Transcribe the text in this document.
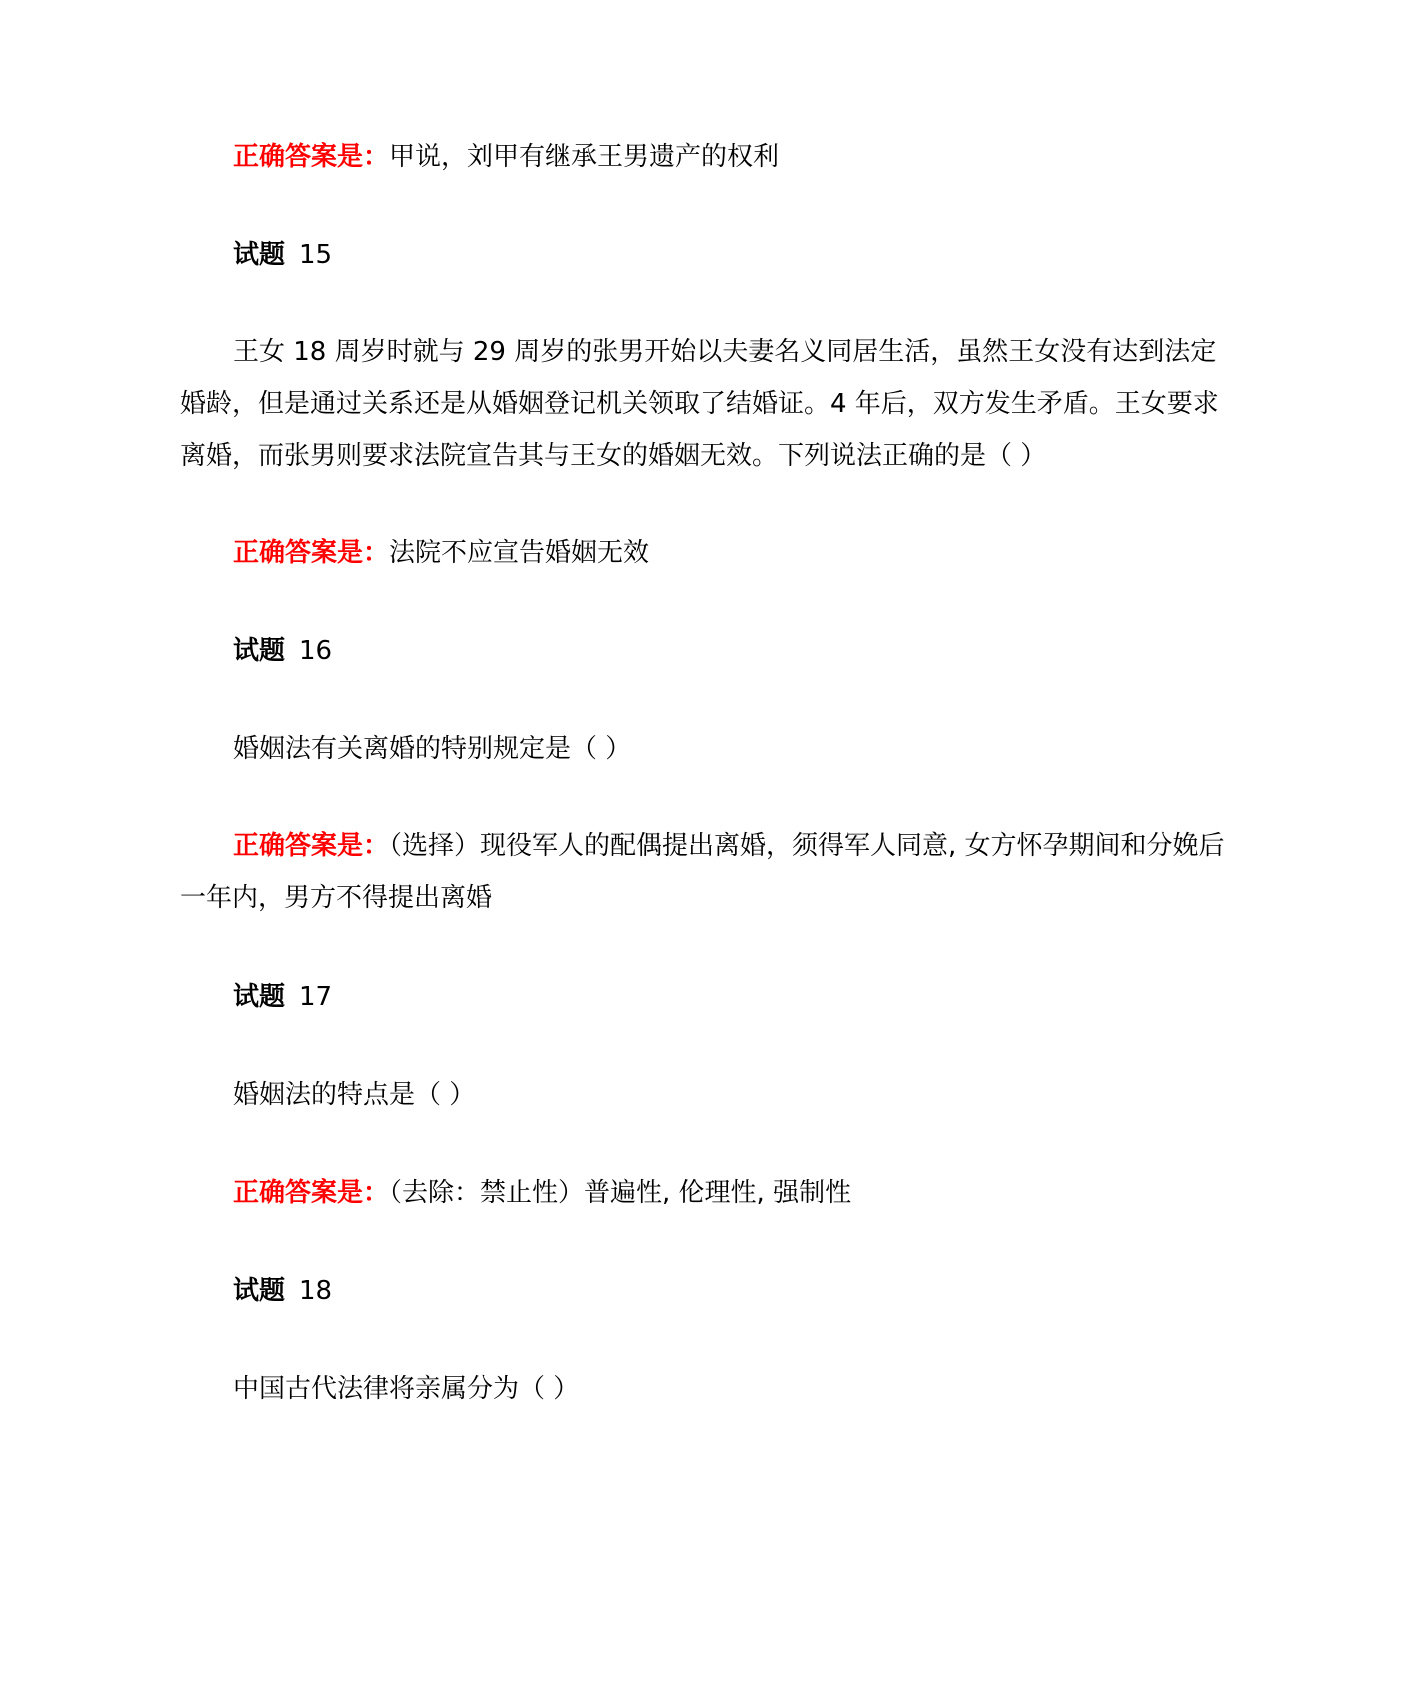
正确答案是：甲说，刘甲有继承王男遗产的权利
试题 15
王女 18 周岁时就与 29 周岁的张男开始以夫妻名义同居生活，虽然王女没有达到法定婚龄，但是通过关系还是从婚姻登记机关领取了结婚证。4 年后，双方发生矛盾。王女要求离婚，而张男则要求法院宣告其与王女的婚姻无效。下列说法正确的是（ ）
正确答案是：法院不应宣告婚姻无效
试题 16
婚姻法有关离婚的特别规定是（ ）
正确答案是：（选择）现役军人的配偶提出离婚，须得军人同意, 女方怀孕期间和分娩后一年内，男方不得提出离婚
试题 17
婚姻法的特点是（ ）
正确答案是：（去除：禁止性）普遍性, 伦理性, 强制性
试题 18
中国古代法律将亲属分为（ ）
